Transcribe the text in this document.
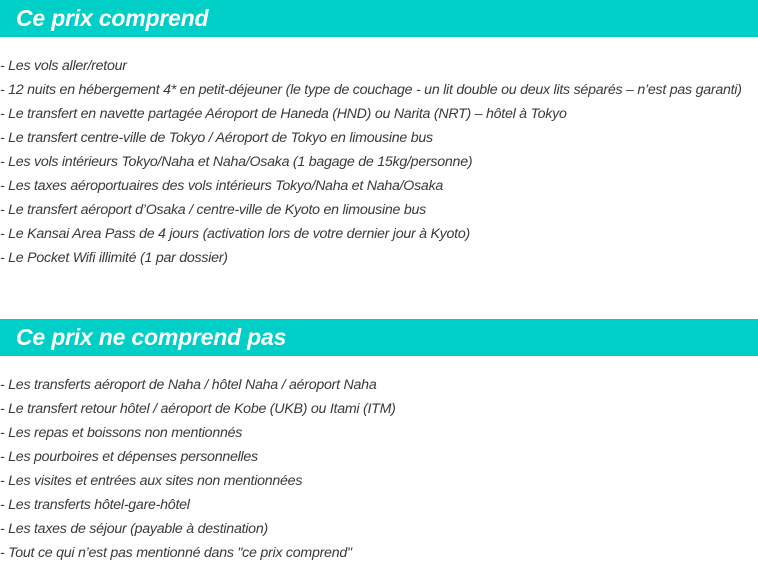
Ce prix comprend
- Les vols aller/retour
- 12 nuits en hébergement 4* en petit-déjeuner (le type de couchage - un lit double ou deux lits séparés – n’est pas garanti)
- Le transfert en navette partagée Aéroport de Haneda (HND) ou Narita (NRT) – hôtel à Tokyo
- Le transfert centre-ville de Tokyo / Aéroport de Tokyo en limousine bus
- Les vols intérieurs Tokyo/Naha et Naha/Osaka (1 bagage de 15kg/personne)
- Les taxes aéroportuaires des vols intérieurs Tokyo/Naha et Naha/Osaka
- Le transfert aéroport d’Osaka / centre-ville de Kyoto en limousine bus
- Le Kansai Area Pass de 4 jours (activation lors de votre dernier jour à Kyoto)
- Le Pocket Wifi illimité (1 par dossier)
Ce prix ne comprend pas
- Les transferts aéroport de Naha / hôtel Naha / aéroport Naha
- Le transfert retour hôtel / aéroport de Kobe (UKB) ou Itami (ITM)
- Les repas et boissons non mentionnés
- Les pourboires et dépenses personnelles
- Les visites et entrées aux sites non mentionnées
- Les transferts hôtel-gare-hôtel
- Les taxes de séjour (payable à destination)
- Tout ce qui n’est pas mentionné dans "ce prix comprend"
